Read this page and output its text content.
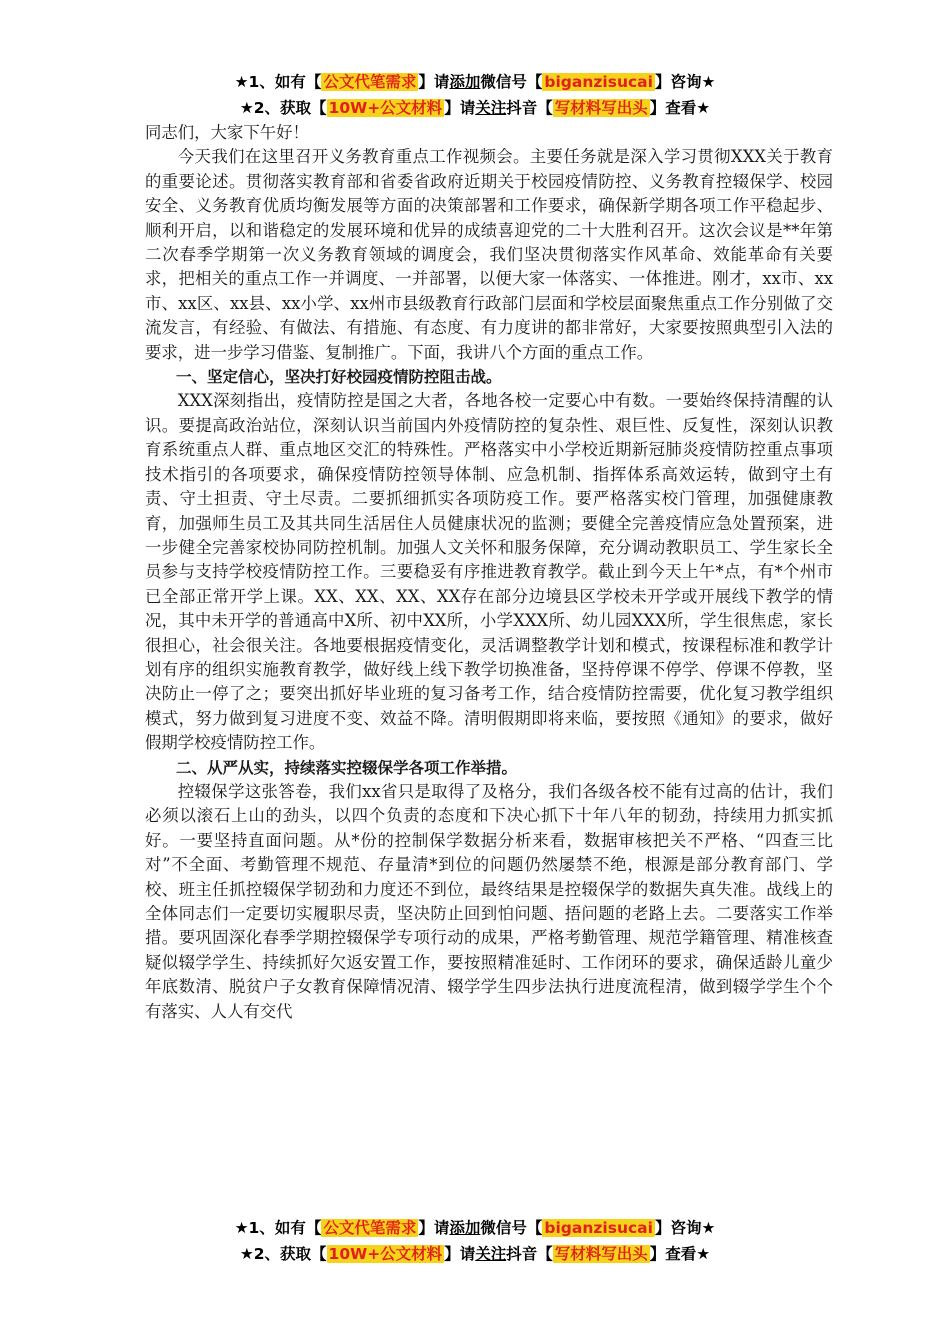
★1、如有【 公文代笔需求 】请添加微信号【 biganzisucai 】咨询★
★2、获取【 10W+公文材料 】请关注抖音【 写材料写出头 】查看★

同志们，大家下午好！

今天我们在这里召开义务教育重点工作视频会。主要任务就是深入学习贯彻XXX关于教育的重要论述。贯彻落实教育部和省委省政府近期关于校园疫情防控、义务教育控辍保学、校园安全、义务教育优质均衡发展等方面的决策部署和工作要求，确保新学期各项工作平稳起步、顺利开启，以和谐稳定的发展环境和优异的成绩喜迎党的二十大胜利召开。这次会议是**年第二次春季学期第一次义务教育领域的调度会，我们坚决贯彻落实作风革命、效能革命有关要求，把相关的重点工作一并调度、一并部署，以便大家一体落实、一体推进。刚才，xx市、xx市、xx区、xx县、xx小学、xx州市县级教育行政部门层面和学校层面聚焦重点工作分别做了交流发言，有经验、有做法、有措施、有态度、有力度讲的都非常好，大家要按照典型引入法的要求，进一步学习借鉴、复制推广。下面，我讲八个方面的重点工作。

一、坚定信心，坚决打好校园疫情防控阻击战。

XXX深刻指出，疫情防控是国之大者，各地各校一定要心中有数。一要始终保持清醒的认识。要提高政治站位，深刻认识当前国内外疫情防控的复杂性、艰巨性、反复性，深刻认识教育系统重点人群、重点地区交汇的特殊性。严格落实中小学校近期新冠肺炎疫情防控重点事项技术指引的各项要求，确保疫情防控领导体制、应急机制、指挥体系高效运转，做到守土有责、守土担责、守土尽责。二要抓细抓实各项防疫工作。要严格落实校门管理，加强健康教育，加强师生员工及其共同生活居住人员健康状况的监测；要健全完善疫情应急处置预案，进一步健全完善家校协同防控机制。加强人文关怀和服务保障，充分调动教职员工、学生家长全员参与支持学校疫情防控工作。三要稳妥有序推进教育教学。截止到今天上午*点，有*个州市已全部正常开学上课。XX、XX、XX、XX存在部分边境县区学校未开学或开展线下教学的情况，其中未开学的普通高中X所、初中XX所，小学XXX所、幼儿园XXX所，学生很焦虑，家长很担心，社会很关注。各地要根据疫情变化，灵活调整教学计划和模式，按课程标准和教学计划有序的组织实施教育教学，做好线上线下教学切换准备，坚持停课不停学、停课不停教，坚决防止一停了之；要突出抓好毕业班的复习备考工作，结合疫情防控需要，优化复习教学组织模式，努力做到复习进度不变、效益不降。清明假期即将来临，要按照《通知》的要求，做好假期学校疫情防控工作。

二、从严从实，持续落实控辍保学各项工作举措。

控辍保学这张答卷，我们xx省只是取得了及格分，我们各级各校不能有过高的估计，我们必须以滚石上山的劲头，以四个负责的态度和下决心抓下十年八年的韧劲，持续用力抓实抓好。一要坚持直面问题。从*份的控制保学数据分析来看，数据审核把关不严格、“四查三比对”不全面、考勤管理不规范、存量清*到位的问题仍然屡禁不绝，根源是部分教育部门、学校、班主任抓控辍保学韧劲和力度还不到位，最终结果是控辍保学的数据失真失准。战线上的全体同志们一定要切实履职尽责，坚决防止回到怕问题、捂问题的老路上去。二要落实工作举措。要巩固深化春季学期控辍保学专项行动的成果，严格考勤管理、规范学籍管理、精准核查疑似辍学学生、持续抓好欠返安置工作，要按照精准延时、工作闭环的要求，确保适龄儿童少年底数清、脱贫户子女教育保障情况清、辍学学生四步法执行进度流程清，做到辍学学生个个有落实、人人有交代

★1、如有【 公文代笔需求 】请添加微信号【 biganzisucai 】咨询★
★2、获取【 10W+公文材料 】请关注抖音【 写材料写出头 】查看★
